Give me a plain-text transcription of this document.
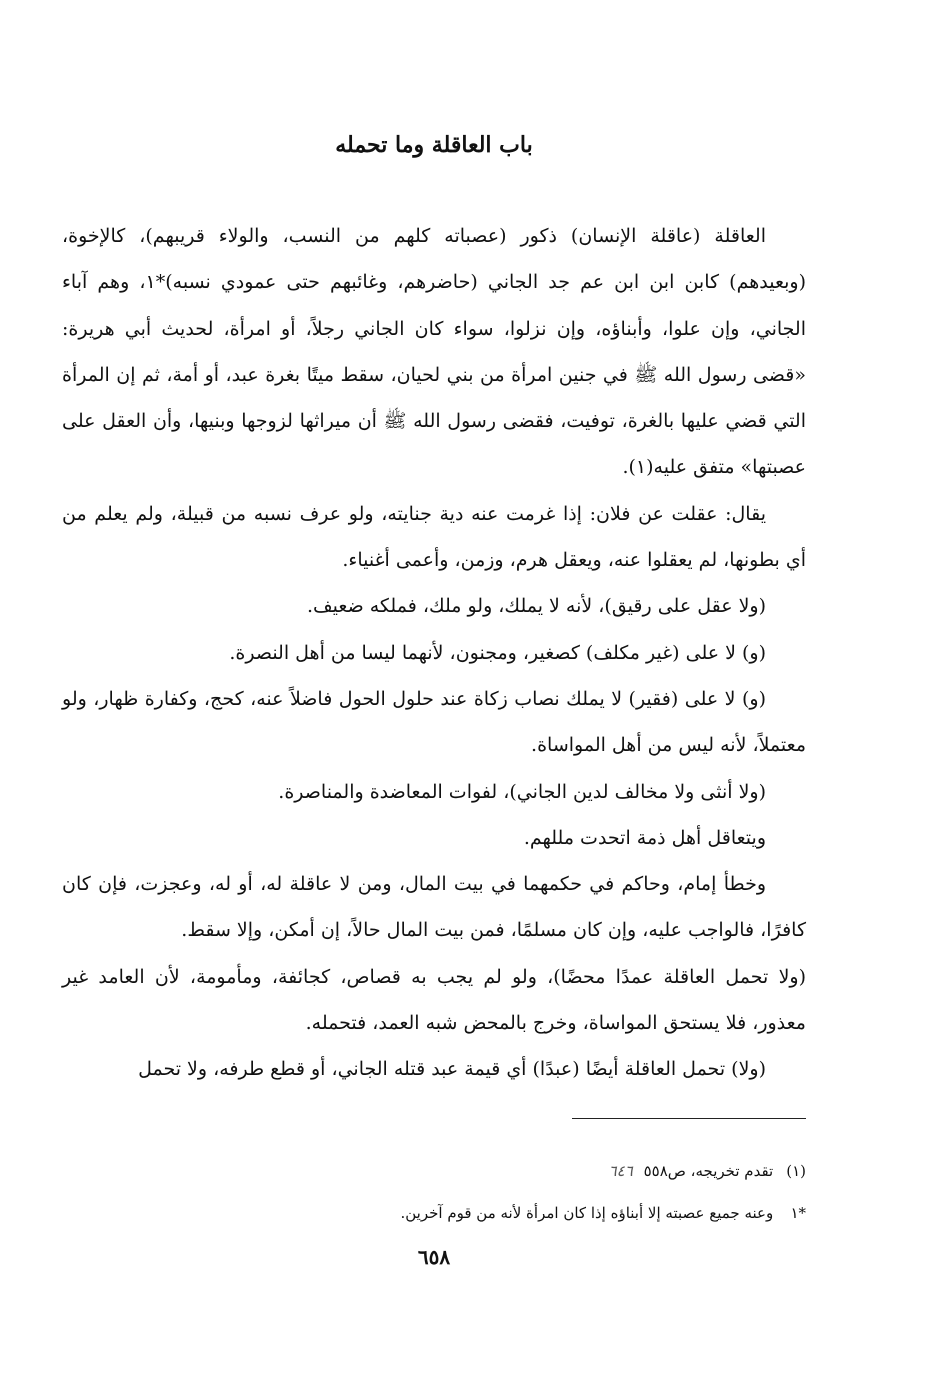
باب العاقلة وما تحمله

العاقلة (عاقلة الإنسان) ذكور (عصباته كلهم من النسب، والولاء قريبهم)، كالإخوة، (وبعيدهم) كابن ابن ابن عم جد الجاني (حاضرهم، وغائبهم حتى عمودي نسبه)*١، وهم آباء الجاني، وإن علوا، وأبناؤه، وإن نزلوا، سواء كان الجاني رجلاً، أو امرأة، لحديث أبي هريرة: «قضى رسول الله ﷺ في جنين امرأة من بني لحيان، سقط ميتًا بغرة عبد، أو أمة، ثم إن المرأة التي قضي عليها بالغرة، توفيت، فقضى رسول الله ﷺ أن ميراثها لزوجها وبنيها، وأن العقل على عصبتها» متفق عليه(١).

يقال: عقلت عن فلان: إذا غرمت عنه دية جنايته، ولو عرف نسبه من قبيلة، ولم يعلم من أي بطونها، لم يعقلوا عنه، ويعقل هرم، وزمن، وأعمى أغنياء.

(ولا عقل على رقيق)، لأنه لا يملك، ولو ملك، فملكه ضعيف.

(و) لا على (غير مكلف) كصغير، ومجنون، لأنهما ليسا من أهل النصرة.

(و) لا على (فقير) لا يملك نصاب زكاة عند حلول الحول فاضلاً عنه، كحج، وكفارة ظهار، ولو معتملاً، لأنه ليس من أهل المواساة.

(ولا أنثى ولا مخالف لدين الجاني)، لفوات المعاضدة والمناصرة.

ويتعاقل أهل ذمة اتحدت مللهم.

وخطأ إمام، وحاكم في حكمهما في بيت المال، ومن لا عاقلة له، أو له، وعجزت، فإن كان كافرًا، فالواجب عليه، وإن كان مسلمًا، فمن بيت المال حالاً، إن أمكن، وإلا سقط.

(ولا تحمل العاقلة عمدًا محضًا)، ولو لم يجب به قصاص، كجائفة، ومأمومة، لأن العامد غير معذور، فلا يستحق المواساة، وخرج بالمحض شبه العمد، فتحمله.

(ولا) تحمل العاقلة أيضًا (عبدًا) أي قيمة عبد قتله الجاني، أو قطع طرفه، ولا تحمل

(١) تقدم تخريجه، ص٥٥٨ ٦٤٦
*١ وعنه جميع عصبته إلا أبناؤه إذا كان امرأة لأنه من قوم آخرين.
٦٥٨
